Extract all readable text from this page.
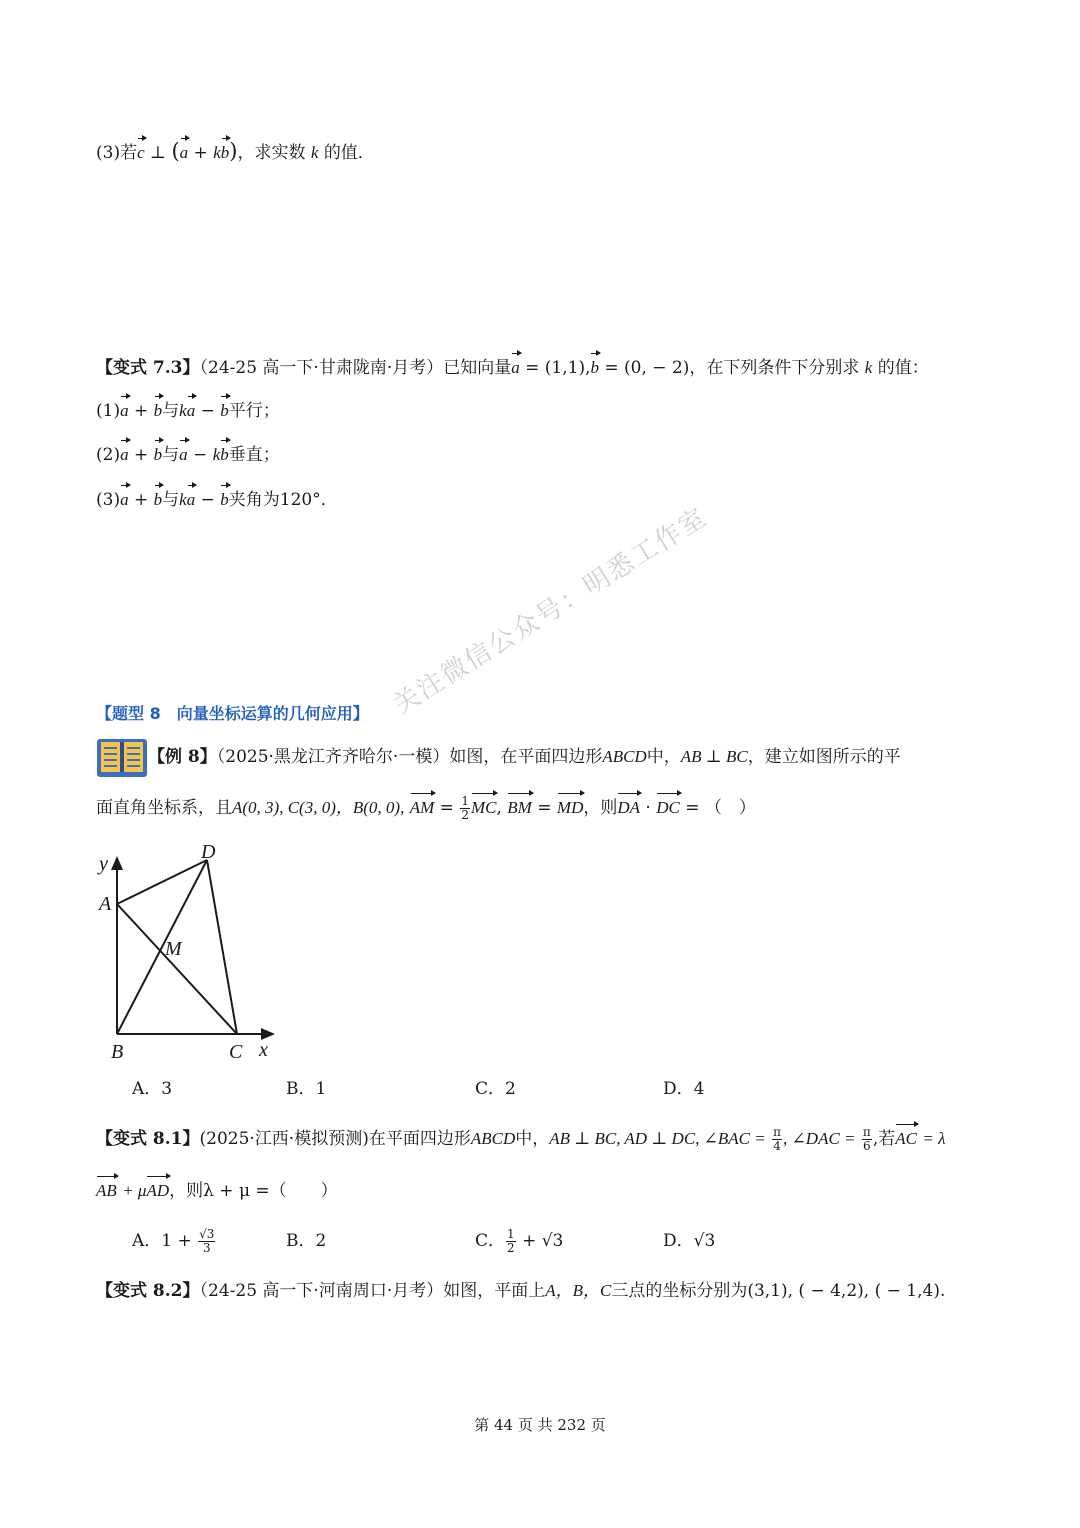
(3)若c ⊥ (a + kb)，求实数 k 的值．
【变式 7.3】（24-25 高一下·甘肃陇南·月考）已知向量a = (1,1),b = (0, − 2)，在下列条件下分别求 k 的值：
(1)a + b与ka − b平行；
(2)a + b与a − kb垂直；
(3)a + b与ka − b夹角为120°．
【题型 8　向量坐标运算的几何应用】
【例 8】（2025·黑龙江齐齐哈尔·一模）如图，在平面四边形ABCD中，AB ⊥ BC，建立如图所示的平
面直角坐标系，且A(0, 3), C(3, 0)，B(0, 0), AM = $\frac{1}{2}$ MC, BM = MD，则DA · DC = （　）
y
D
A
M
B	C x
A．3	B．1	C．2	D．4
【变式 8.1】(2025·江西·模拟预测)在平面四边形ABCD中，AB ⊥ BC, AD ⊥ DC, ∠BAC = $\frac{\pi}{4}$ , ∠DAC = $\frac{\pi}{6}$ ,若AC = λ
AB + μAD，则λ + μ =（　　）
A．$1 + \frac{√3}{3}$	B．2	C． $\frac{1}{2} + √3$	D．√3
【变式 8.2】（24-25 高一下·河南周口·月考）如图，平面上A，B，C三点的坐标分别为(3,1), ( − 4,2), ( − 1,4).
关注微信公众号：明悉工作室
第 44 页 共 232 页
